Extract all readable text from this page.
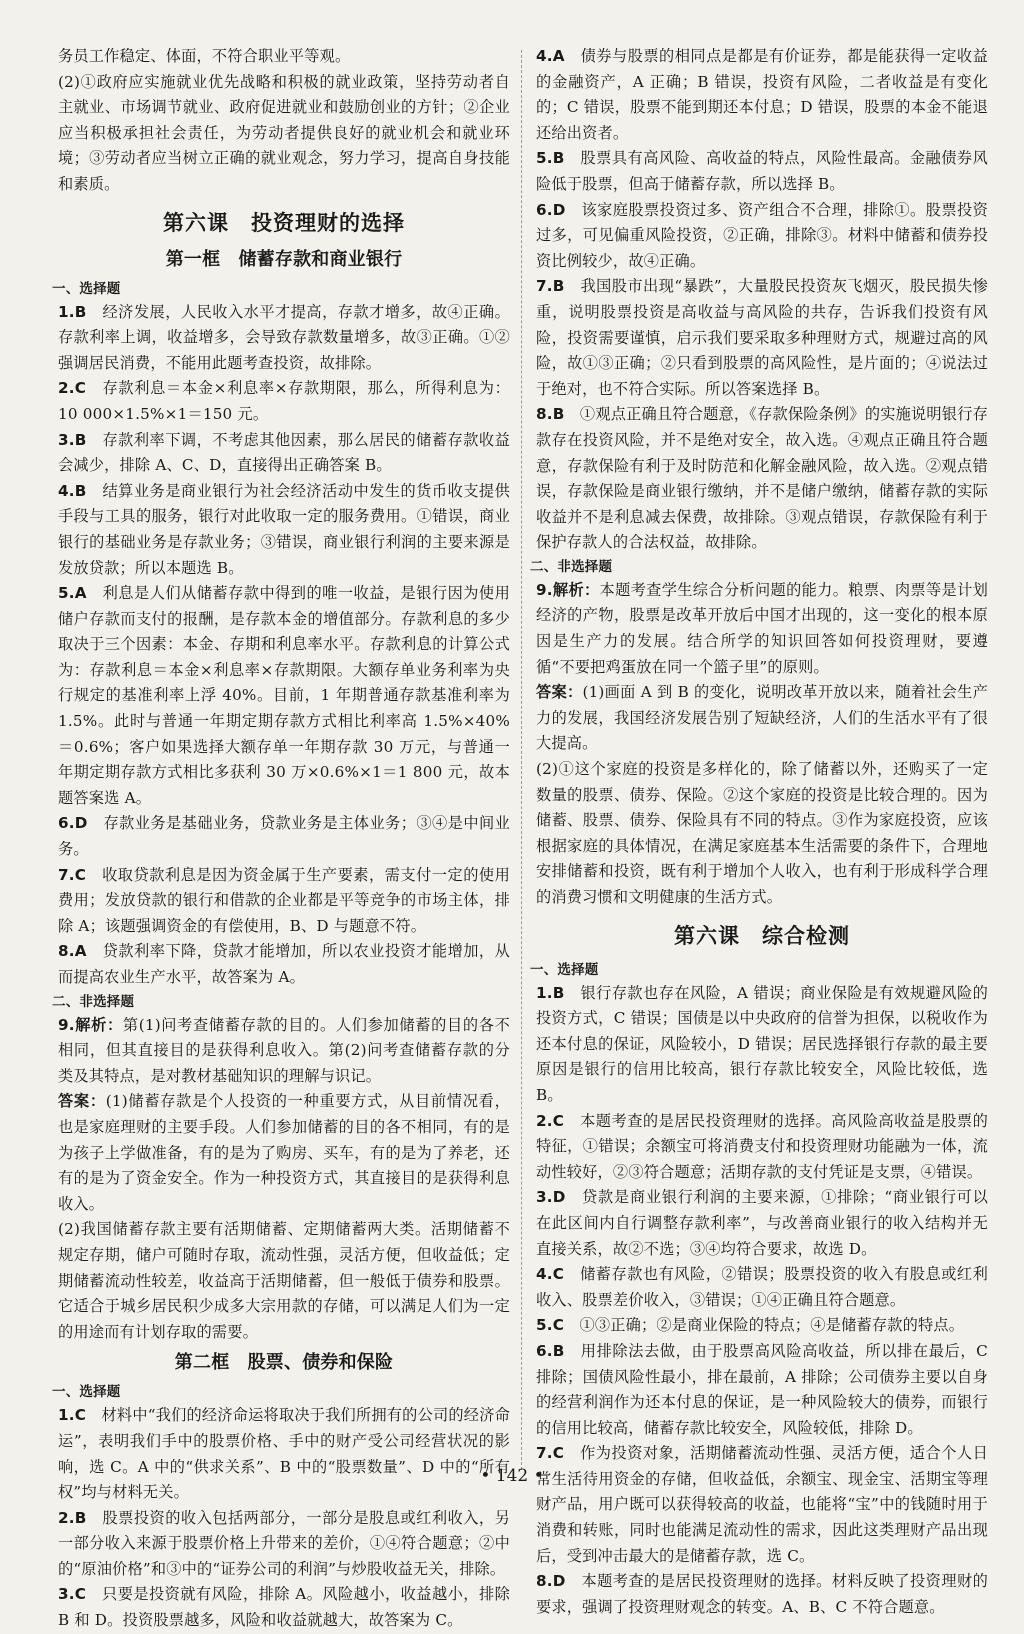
务员工作稳定、体面，不符合职业平等观。

(2)①政府应实施就业优先战略和积极的就业政策，坚持劳动者自主就业、市场调节就业、政府促进就业和鼓励创业的方针；②企业应当积极承担社会责任，为劳动者提供良好的就业机会和就业环境；③劳动者应当树立正确的就业观念，努力学习，提高自身技能和素质。

第六课　投资理财的选择
第一框　储蓄存款和商业银行
一、选择题

1.B　 经济发展，人民收入水平才提高，存款才增多，故④正确。存款利率上调，收益增多，会导致存款数量增多，故③正确。①②强调居民消费，不能用此题考查投资，故排除。

2.C　 存款利息＝本金×利息率×存款期限，那么，所得利息为：10 000×1.5%×1＝150 元。

3.B　 存款利率下调，不考虑其他因素，那么居民的储蓄存款收益会减少，排除 A、C、D，直接得出正确答案 B。

4.B　 结算业务是商业银行为社会经济活动中发生的货币收支提供手段与工具的服务，银行对此收取一定的服务费用。①错误，商业银行的基础业务是存款业务；③错误，商业银行利润的主要来源是发放贷款；所以本题选 B。

5.A　 利息是人们从储蓄存款中得到的唯一收益，是银行因为使用储户存款而支付的报酬，是存款本金的增值部分。存款利息的多少取决于三个因素：本金、存期和利息率水平。存款利息的计算公式为：存款利息＝本金×利息率×存款期限。大额存单业务利率为央行规定的基准利率上浮 40%。目前，1 年期普通存款基准利率为 1.5%。此时与普通一年期定期存款方式相比利率高 1.5%×40%＝0.6%；客户如果选择大额存单一年期存款 30 万元，与普通一年期定期存款方式相比多获利 30 万×0.6%×1＝1 800 元，故本题答案选 A。

6.D　 存款业务是基础业务，贷款业务是主体业务；③④是中间业务。

7.C　 收取贷款利息是因为资金属于生产要素，需支付一定的使用费用；发放贷款的银行和借款的企业都是平等竞争的市场主体，排除 A；该题强调资金的有偿使用，B、D 与题意不符。

8.A　 贷款利率下降，贷款才能增加，所以农业投资才能增加，从而提高农业生产水平，故答案为 A。

二、非选择题

9.解析：第(1)问考查储蓄存款的目的。人们参加储蓄的目的各不相同，但其直接目的是获得利息收入。第(2)问考查储蓄存款的分类及其特点，是对教材基础知识的理解与识记。

答案：(1)储蓄存款是个人投资的一种重要方式，从目前情况看，也是家庭理财的主要手段。人们参加储蓄的目的各不相同，有的是为孩子上学做准备，有的是为了购房、买车，有的是为了养老，还有的是为了资金安全。作为一种投资方式，其直接目的是获得利息收入。

(2)我国储蓄存款主要有活期储蓄、定期储蓄两大类。活期储蓄不规定存期，储户可随时存取，流动性强，灵活方便，但收益低；定期储蓄流动性较差，收益高于活期储蓄，但一般低于债券和股票。它适合于城乡居民积少成多大宗用款的存储，可以满足人们为一定的用途而有计划存取的需要。

第二框　股票、债券和保险
一、选择题

1.C　 材料中“我们的经济命运将取决于我们所拥有的公司的经济命运”，表明我们手中的股票价格、手中的财产受公司经营状况的影响，选 C。A 中的“供求关系”、B 中的“股票数量”、D 中的“所有权”均与材料无关。

2.B　 股票投资的收入包括两部分，一部分是股息或红利收入，另一部分收入来源于股票价格上升带来的差价，①④符合题意；②中的“原油价格”和③中的“证券公司的利润”与炒股收益无关，排除。

3.C　 只要是投资就有风险，排除 A。风险越小，收益越小，排除 B 和 D。投资股票越多，风险和收益就越大，故答案为 C。

4.A　 债券与股票的相同点是都是有价证券，都是能获得一定收益的金融资产，A 正确；B 错误，投资有风险，二者收益是有变化的；C 错误，股票不能到期还本付息；D 错误，股票的本金不能退还给出资者。

5.B　 股票具有高风险、高收益的特点，风险性最高。金融债券风险低于股票，但高于储蓄存款，所以选择 B。

6.D　 该家庭股票投资过多、资产组合不合理，排除①。股票投资过多，可见偏重风险投资，②正确，排除③。材料中储蓄和债券投资比例较少，故④正确。

7.B　 我国股市出现“暴跌”，大量股民投资灰飞烟灭，股民损失惨重，说明股票投资是高收益与高风险的共存，告诉我们投资有风险，投资需要谨慎，启示我们要采取多种理财方式，规避过高的风险，故①③正确；②只看到股票的高风险性，是片面的；④说法过于绝对，也不符合实际。所以答案选择 B。

8.B　 ①观点正确且符合题意，《存款保险条例》的实施说明银行存款存在投资风险，并不是绝对安全，故入选。④观点正确且符合题意，存款保险有利于及时防范和化解金融风险，故入选。②观点错误，存款保险是商业银行缴纳，并不是储户缴纳，储蓄存款的实际收益并不是利息减去保费，故排除。③观点错误，存款保险有利于保护存款人的合法权益，故排除。

二、非选择题

9.解析：本题考查学生综合分析问题的能力。粮票、肉票等是计划经济的产物，股票是改革开放后中国才出现的，这一变化的根本原因是生产力的发展。结合所学的知识回答如何投资理财，要遵循“不要把鸡蛋放在同一个篮子里”的原则。

答案：(1)画面 A 到 B 的变化，说明改革开放以来，随着社会生产力的发展，我国经济发展告别了短缺经济，人们的生活水平有了很大提高。

(2)①这个家庭的投资是多样化的，除了储蓄以外，还购买了一定数量的股票、债券、保险。②这个家庭的投资是比较合理的。因为储蓄、股票、债券、保险具有不同的特点。③作为家庭投资，应该根据家庭的具体情况，在满足家庭基本生活需要的条件下，合理地安排储蓄和投资，既有利于增加个人收入，也有利于形成科学合理的消费习惯和文明健康的生活方式。

第六课　综合检测
一、选择题

1.B　 银行存款也存在风险，A 错误；商业保险是有效规避风险的投资方式，C 错误；国债是以中央政府的信誉为担保，以税收作为还本付息的保证，风险较小，D 错误；居民选择银行存款的最主要原因是银行的信用比较高，银行存款比较安全，风险比较低，选 B。

2.C　 本题考查的是居民投资理财的选择。高风险高收益是股票的特征，①错误；余额宝可将消费支付和投资理财功能融为一体，流动性较好，②③符合题意；活期存款的支付凭证是支票，④错误。

3.D　 贷款是商业银行利润的主要来源，①排除；“商业银行可以在此区间内自行调整存款利率”，与改善商业银行的收入结构并无直接关系，故②不选；③④均符合要求，故选 D。

4.C　 储蓄存款也有风险，②错误；股票投资的收入有股息或红利收入、股票差价收入，③错误；①④正确且符合题意。

5.C　 ①③正确；②是商业保险的特点；④是储蓄存款的特点。

6.B　 用排除法去做，由于股票高风险高收益，所以排在最后，C 排除；国债风险性最小，排在最前，A 排除；公司债券主要以自身的经营利润作为还本付息的保证，是一种风险较大的债券，而银行的信用比较高，储蓄存款比较安全，风险较低，排除 D。

7.C　 作为投资对象，活期储蓄流动性强、灵活方便，适合个人日常生活待用资金的存储，但收益低，余额宝、现金宝、活期宝等理财产品，用户既可以获得较高的收益，也能将“宝”中的钱随时用于消费和转账，同时也能满足流动性的需求，因此这类理财产品出现后，受到冲击最大的是储蓄存款，选 C。

8.D　 本题考查的是居民投资理财的选择。材料反映了投资理财的要求，强调了投资理财观念的转变。A、B、C 不符合题意。

• 142 •
